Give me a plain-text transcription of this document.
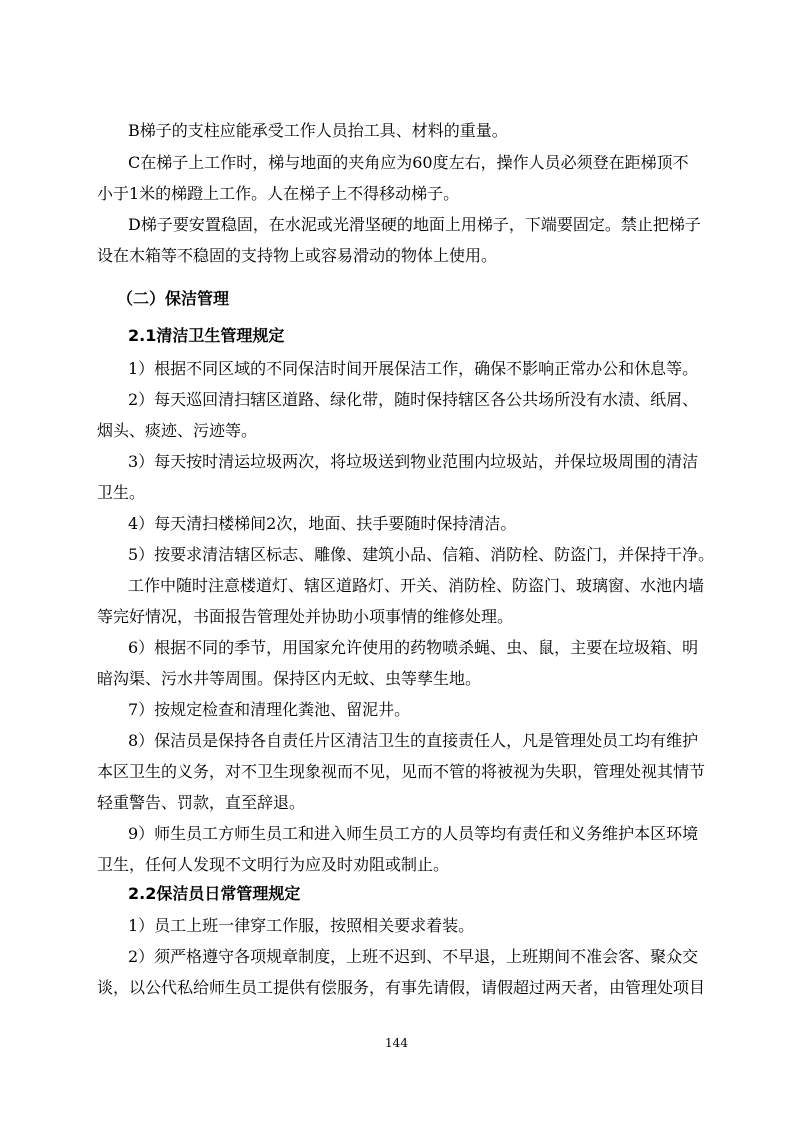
B梯子的支柱应能承受工作人员抬工具、材料的重量。
C在梯子上工作时，梯与地面的夹角应为60度左右，操作人员必须登在距梯顶不
小于1米的梯蹬上工作。人在梯子上不得移动梯子。
D梯子要安置稳固，在水泥或光滑坚硬的地面上用梯子，下端要固定。禁止把梯子
设在木箱等不稳固的支持物上或容易滑动的物体上使用。
（二）保洁管理
2.1清洁卫生管理规定
1）根据不同区域的不同保洁时间开展保洁工作，确保不影响正常办公和休息等。
2）每天巡回清扫辖区道路、绿化带，随时保持辖区各公共场所没有水渍、纸屑、
烟头、痰迹、污迹等。
3）每天按时清运垃圾两次，将垃圾送到物业范围内垃圾站，并保垃圾周围的清洁
卫生。
4）每天清扫楼梯间2次，地面、扶手要随时保持清洁。
5）按要求清洁辖区标志、雕像、建筑小品、信箱、消防栓、防盗门，并保持干净。
工作中随时注意楼道灯、辖区道路灯、开关、消防栓、防盗门、玻璃窗、水池内墙
等完好情况，书面报告管理处并协助小项事情的维修处理。
6）根据不同的季节，用国家允许使用的药物喷杀蝇、虫、鼠，主要在垃圾箱、明
暗沟渠、污水井等周围。保持区内无蚊、虫等孳生地。
7）按规定检查和清理化粪池、留泥井。
8）保洁员是保持各自责任片区清洁卫生的直接责任人，凡是管理处员工均有维护
本区卫生的义务，对不卫生现象视而不见，见而不管的将被视为失职，管理处视其情节
轻重警告、罚款，直至辞退。
9）师生员工方师生员工和进入师生员工方的人员等均有责任和义务维护本区环境
卫生，任何人发现不文明行为应及时劝阻或制止。
2.2保洁员日常管理规定
1）员工上班一律穿工作服，按照相关要求着装。
2）须严格遵守各项规章制度，上班不迟到、不早退，上班期间不准会客、聚众交
谈，以公代私给师生员工提供有偿服务，有事先请假，请假超过两天者，由管理处项目
144
